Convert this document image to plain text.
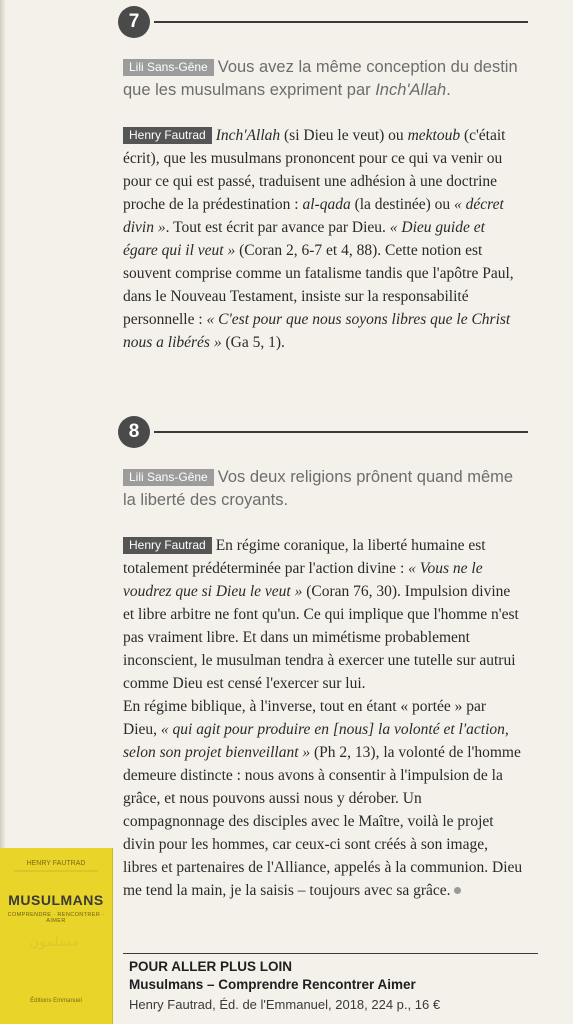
7
Lili Sans-Gêne Vous avez la même conception du destin que les musulmans expriment par Inch'Allah.

Henry Fautrad Inch'Allah (si Dieu le veut) ou mektoub (c'était écrit), que les musulmans prononcent pour ce qui va venir ou pour ce qui est passé, traduisent une adhésion à une doctrine proche de la prédestination : al-qada (la destinée) ou « décret divin ». Tout est écrit par avance par Dieu. « Dieu guide et égare qui il veut » (Coran 2, 6-7 et 4, 88). Cette notion est souvent comprise comme un fatalisme tandis que l'apôtre Paul, dans le Nouveau Testament, insiste sur la responsabilité personnelle : « C'est pour que nous soyons libres que le Christ nous a libérés » (Ga 5, 1).

8
Lili Sans-Gêne Vos deux religions prônent quand même la liberté des croyants.

Henry Fautrad En régime coranique, la liberté humaine est totalement prédéterminée par l'action divine : « Vous ne le voudrez que si Dieu le veut » (Coran 76, 30). Impulsion divine et libre arbitre ne font qu'un. Ce qui implique que l'homme n'est pas vraiment libre. Et dans un mimétisme probablement inconscient, le musulman tendra à exercer une tutelle sur autrui comme Dieu est censé l'exercer sur lui.

En régime biblique, à l'inverse, tout en étant « portée » par Dieu, « qui agit pour produire en [nous] la volonté et l'action, selon son projet bienveillant » (Ph 2, 13), la volonté de l'homme demeure distincte : nous avons à consentir à l'impulsion de la grâce, et nous pouvons aussi nous y dérober. Un compagnonnage des disciples avec le Maître, voilà le projet divin pour les hommes, car ceux-ci sont créés à son image, libres et partenaires de l'Alliance, appelés à la communion. Dieu me tend la main, je la saisis – toujours avec sa grâce.

HENRY FAUTRAD
MUSULMANS
COMPRENDRE · RENCONTRER · AIMER
مسلمون
Éditions Emmanuel
POUR ALLER PLUS LOIN
Musulmans – Comprendre Rencontrer Aimer
Henry Fautrad, Éd. de l'Emmanuel, 2018, 224 p., 16 €
